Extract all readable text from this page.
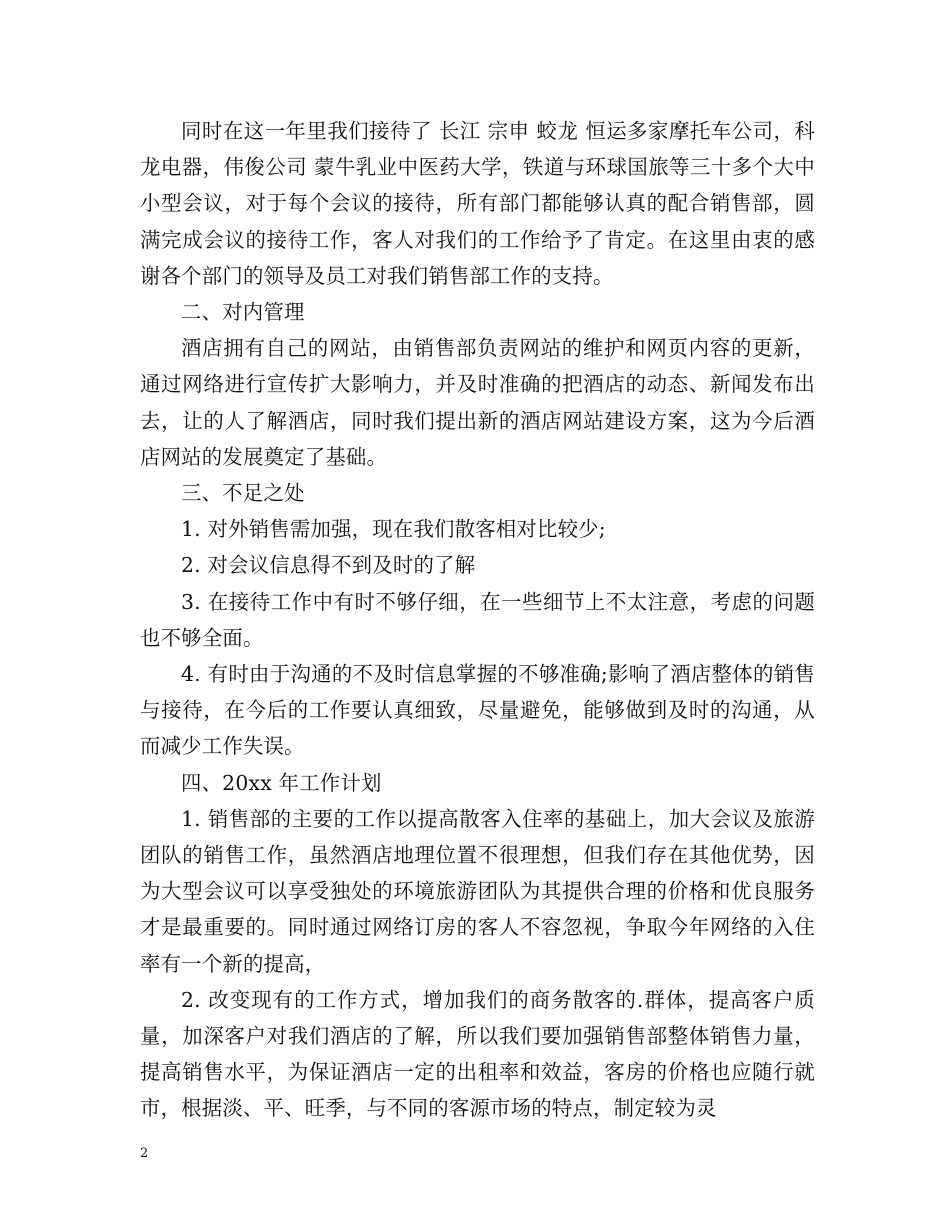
同时在这一年里我们接待了 长江 宗申 蛟龙 恒运多家摩托车公司，科龙电器，伟俊公司 蒙牛乳业中医药大学，铁道与环球国旅等三十多个大中小型会议，对于每个会议的接待，所有部门都能够认真的配合销售部，圆满完成会议的接待工作，客人对我们的工作给予了肯定。在这里由衷的感谢各个部门的领导及员工对我们销售部工作的支持。

二、对内管理

酒店拥有自己的网站，由销售部负责网站的维护和网页内容的更新，通过网络进行宣传扩大影响力，并及时准确的把酒店的动态、新闻发布出去，让的人了解酒店，同时我们提出新的酒店网站建设方案，这为今后酒店网站的发展奠定了基础。

三、不足之处

1. 对外销售需加强，现在我们散客相对比较少;

2. 对会议信息得不到及时的了解

3. 在接待工作中有时不够仔细，在一些细节上不太注意，考虑的问题也不够全面。

4. 有时由于沟通的不及时信息掌握的不够准确;影响了酒店整体的销售与接待，在今后的工作要认真细致，尽量避免，能够做到及时的沟通，从而减少工作失误。

四、20xx 年工作计划

1. 销售部的主要的工作以提高散客入住率的基础上，加大会议及旅游团队的销售工作，虽然酒店地理位置不很理想，但我们存在其他优势，因为大型会议可以享受独处的环境旅游团队为其提供合理的价格和优良服务才是最重要的。同时通过网络订房的客人不容忽视，争取今年网络的入住率有一个新的提高，

2. 改变现有的工作方式，增加我们的商务散客的.群体，提高客户质量，加深客户对我们酒店的了解，所以我们要加强销售部整体销售力量，提高销售水平，为保证酒店一定的出租率和效益，客房的价格也应随行就市，根据淡、平、旺季，与不同的客源市场的特点，制定较为灵

2
